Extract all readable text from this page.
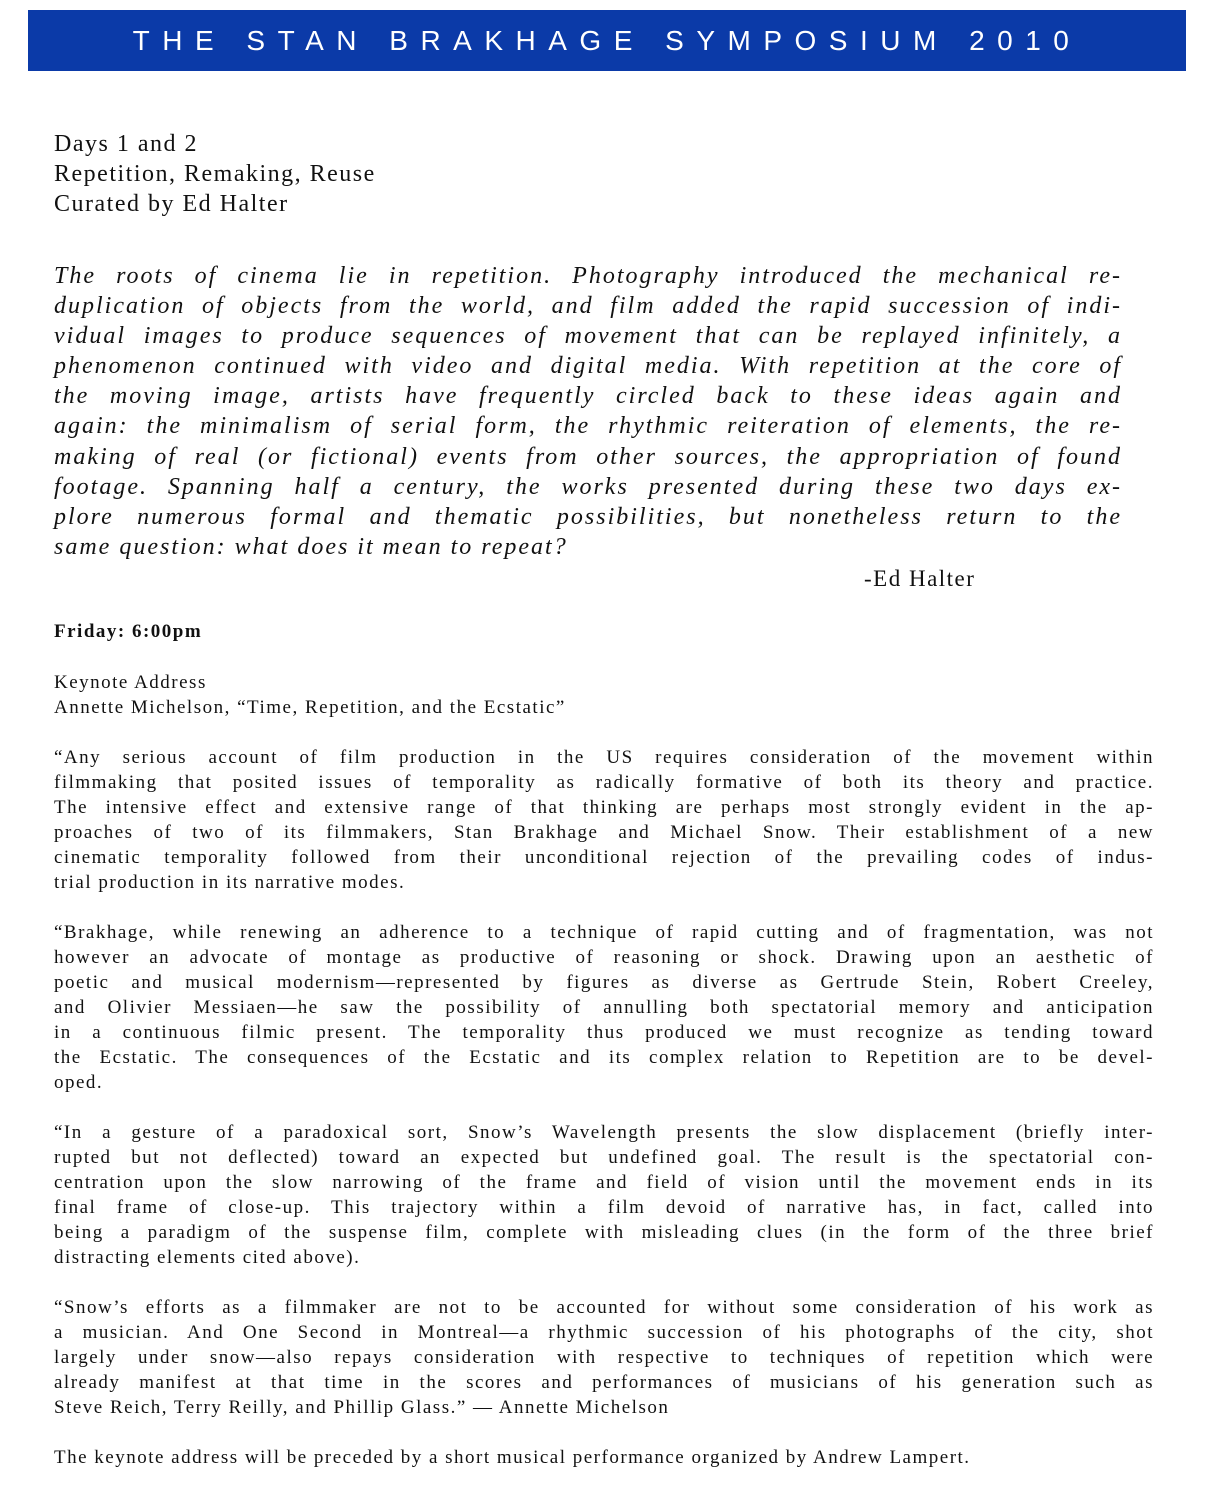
THE STAN BRAKHAGE SYMPOSIUM 2010
Days 1 and 2
Repetition, Remaking, Reuse
Curated by Ed Halter
The roots of cinema lie in repetition. Photography introduced the mechanical re-
duplication of objects from the world, and film added the rapid succession of indi-
vidual images to produce sequences of movement that can be replayed infinitely, a
phenomenon continued with video and digital media. With repetition at the core of
the moving image, artists have frequently circled back to these ideas again and
again: the minimalism of serial form, the rhythmic reiteration of elements, the re-
making of real (or fictional) events from other sources, the appropriation of found
footage. Spanning half a century, the works presented during these two days ex-
plore numerous formal and thematic possibilities, but nonetheless return to the
same question: what does it mean to repeat?
-Ed Halter
Friday: 6:00pm
Keynote Address
Annette Michelson, “Time, Repetition, and the Ecstatic”
“Any serious account of film production in the US requires consideration of the movement within
filmmaking that posited issues of temporality as radically formative of both its theory and practice.
The intensive effect and extensive range of that thinking are perhaps most strongly evident in the ap-
proaches of two of its filmmakers, Stan Brakhage and Michael Snow. Their establishment of a new
cinematic temporality followed from their unconditional rejection of the prevailing codes of indus-
trial production in its narrative modes.
“Brakhage, while renewing an adherence to a technique of rapid cutting and of fragmentation, was not
however an advocate of montage as productive of reasoning or shock. Drawing upon an aesthetic of
poetic and musical modernism—represented by figures as diverse as Gertrude Stein, Robert Creeley,
and Olivier Messiaen—he saw the possibility of annulling both spectatorial memory and anticipation
in a continuous filmic present. The temporality thus produced we must recognize as tending toward
the Ecstatic. The consequences of the Ecstatic and its complex relation to Repetition are to be devel-
oped.
“In a gesture of a paradoxical sort, Snow’s Wavelength presents the slow displacement (briefly inter-
rupted but not deflected) toward an expected but undefined goal. The result is the spectatorial con-
centration upon the slow narrowing of the frame and field of vision until the movement ends in its
final frame of close-up. This trajectory within a film devoid of narrative has, in fact, called into
being a paradigm of the suspense film, complete with misleading clues (in the form of the three brief
distracting elements cited above).
“Snow’s efforts as a filmmaker are not to be accounted for without some consideration of his work as
a musician. And One Second in Montreal—a rhythmic succession of his photographs of the city, shot
largely under snow—also repays consideration with respective to techniques of repetition which were
already manifest at that time in the scores and performances of musicians of his generation such as
Steve Reich, Terry Reilly, and Phillip Glass.” — Annette Michelson
The keynote address will be preceded by a short musical performance organized by Andrew Lampert.
